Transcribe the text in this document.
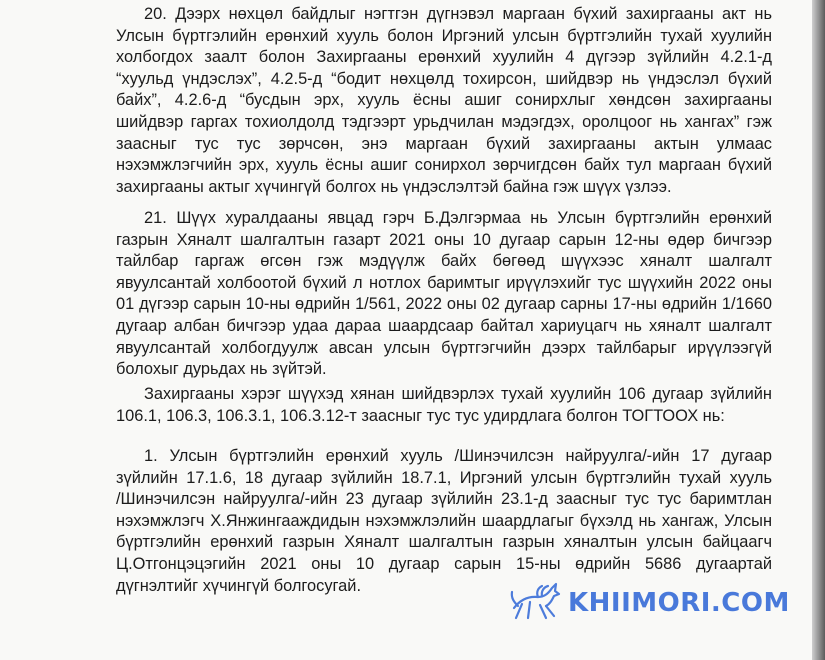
20. Дээрх нөхцөл байдлыг нэгтгэн дүгнэвэл маргаан бүхий захиргааны акт нь
Улсын бүртгэлийн ерөнхий хууль болон Иргэний улсын бүртгэлийн тухай хуулийн
холбогдох заалт болон Захиргааны ерөнхий хуулийн 4 дүгээр зүйлийн 4.2.1-д
“хуульд үндэслэх”, 4.2.5-д “бодит нөхцөлд тохирсон, шийдвэр нь үндэслэл бүхий
байх”, 4.2.6-д “бусдын эрх, хууль ёсны ашиг сонирхлыг хөндсөн захиргааны
шийдвэр гаргах тохиолдолд тэдгээрт урьдчилан мэдэгдэх, оролцоог нь хангах” гэж
заасныг тус тус зөрчсөн, энэ маргаан бүхий захиргааны актын улмаас
нэхэмжлэгчийн эрх, хууль ёсны ашиг сонирхол зөрчигдсөн байх тул маргаан бүхий
захиргааны актыг хүчингүй болгох нь үндэслэлтэй байна гэж шүүх үзлээ.
21. Шүүх хуралдааны явцад гэрч Б.Дэлгэрмаа нь Улсын бүртгэлийн ерөнхий
газрын Хяналт шалгалтын газарт 2021 оны 10 дугаар сарын 12-ны өдөр бичгээр
тайлбар гаргаж өгсөн гэж мэдүүлж байх бөгөөд шүүхээс хяналт шалгалт
явуулсантай холбоотой бүхий л нотлох баримтыг ирүүлэхийг тус шүүхийн 2022 оны
01 дүгээр сарын 10-ны өдрийн 1/561, 2022 оны 02 дугаар сарны 17-ны өдрийн 1/1660
дугаар албан бичгээр удаа дараа шаардсаар байтал хариуцагч нь хяналт шалгалт
явуулсантай холбогдуулж авсан улсын бүртгэгчийн дээрх тайлбарыг ирүүлээгүй
болохыг дурьдах нь зүйтэй.
Захиргааны хэрэг шүүхэд хянан шийдвэрлэх тухай хуулийн 106 дугаар зүйлийн
106.1, 106.3, 106.3.1, 106.3.12-т заасныг тус тус удирдлага болгон ТОГТООХ нь:
1. Улсын бүртгэлийн ерөнхий хууль /Шинэчилсэн найруулга/-ийн 17 дугаар
зүйлийн 17.1.6, 18 дугаар зүйлийн 18.7.1, Иргэний улсын бүртгэлийн тухай хууль
/Шинэчилсэн найруулга/-ийн 23 дугаар зүйлийн 23.1-д заасныг тус тус баримтлан
нэхэмжлэгч Х.Янжингааждидын нэхэмжлэлийн шаардлагыг бүхэлд нь хангаж, Улсын
бүртгэлийн ерөнхий газрын Хяналт шалгалтын газрын хяналтын улсын байцаагч
Ц.Отгонцэцэгийн 2021 оны 10 дугаар сарын 15-ны өдрийн 5686 дугаартай
дүгнэлтийг хүчингүй болгосугай.
KHIIMORI.COM
